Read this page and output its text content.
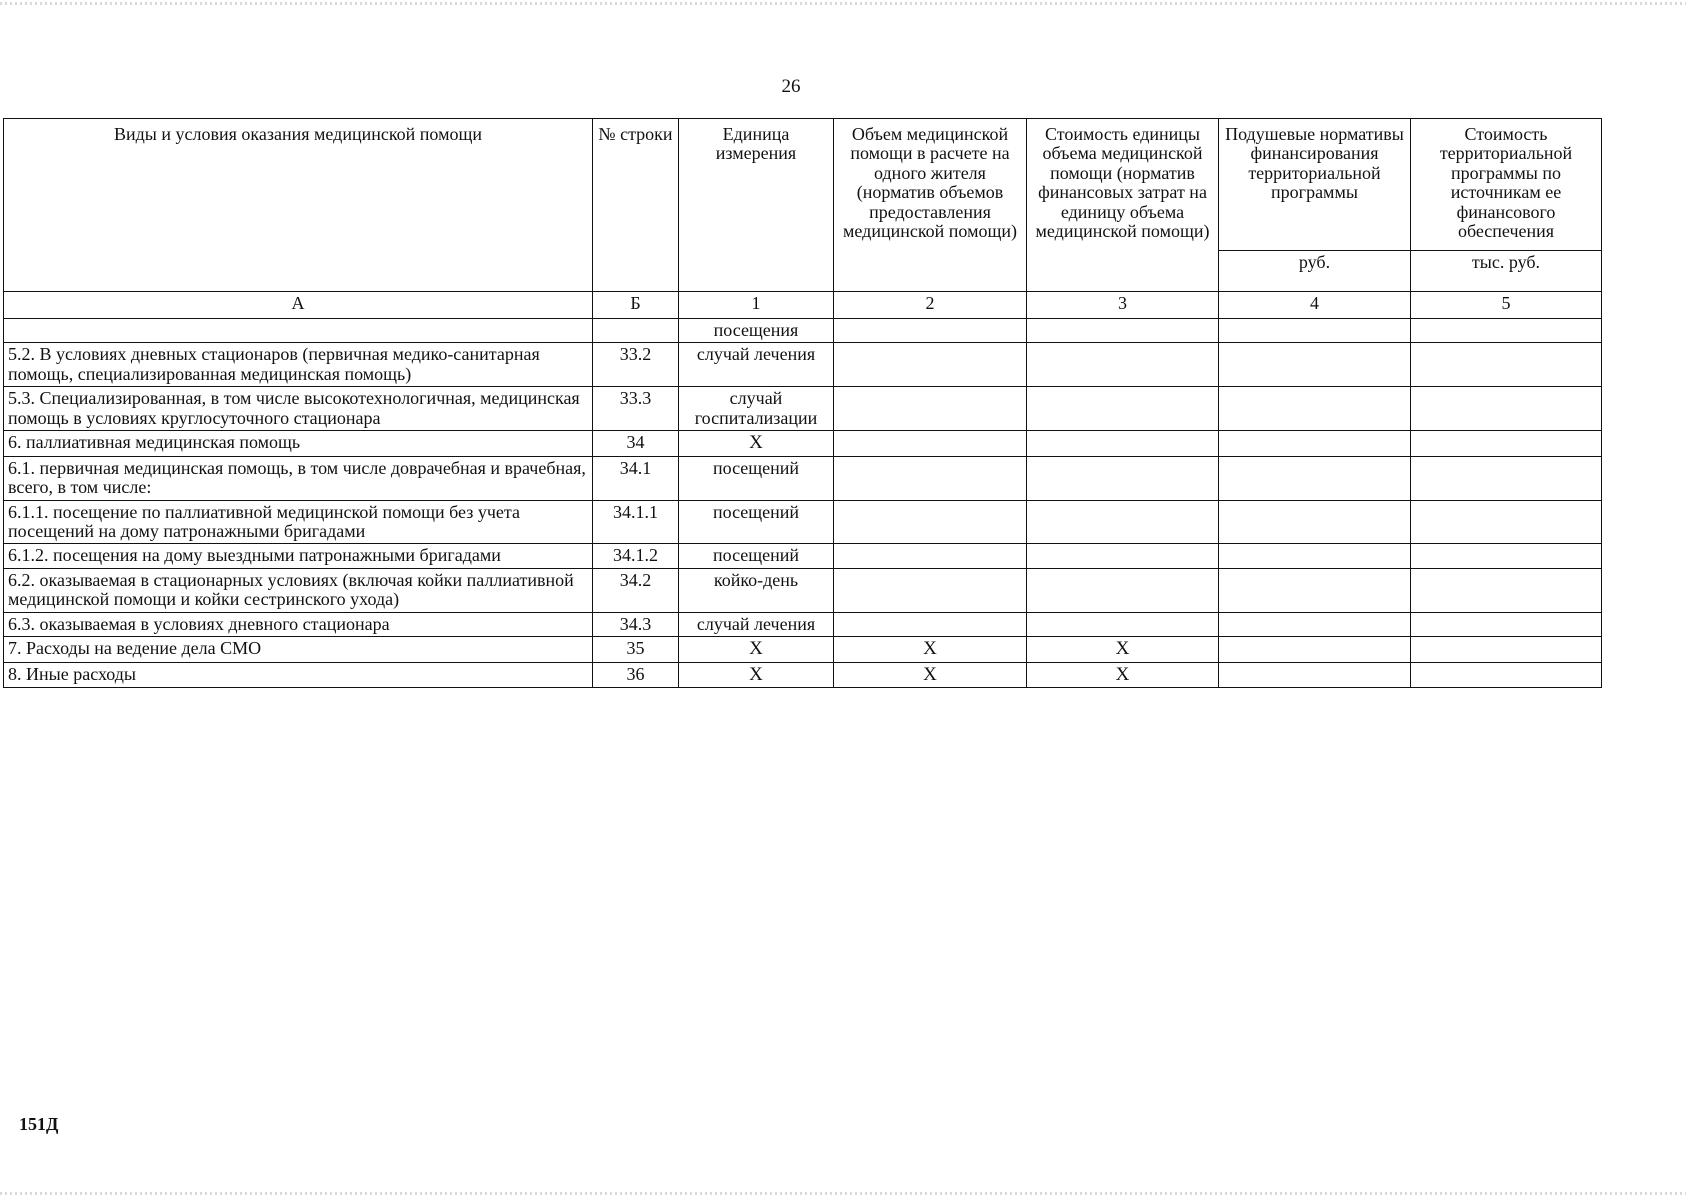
26
Виды и условия оказания медицинской помощи	№ строки	Единица измерения	Объем медицинской помощи в расчете на одного жителя (норматив объемов предоставления медицинской помощи)	Стоимость единицы объема медицинской помощи (норматив финансовых затрат на единицу объема медицинской помощи)	Подушевые нормативы финансирования территориальной программы	Стоимость территориальной программы по источникам ее финансового обеспечения
					руб.	тыс. руб.
А	Б	1	2	3	4	5
		посещения				
5.2. В условиях дневных стационаров (первичная медико-санитарная помощь, специализированная медицинская помощь)	33.2	случай лечения				
5.3. Специализированная, в том числе высокотехнологичная, медицинская помощь в условиях круглосуточного стационара	33.3	случай госпитализации				
6. паллиативная медицинская помощь	34	X				
6.1. первичная медицинская помощь, в том числе доврачебная и врачебная, всего, в том числе:	34.1	посещений				
6.1.1. посещение по паллиативной медицинской помощи без учета посещений на дому патронажными бригадами	34.1.1	посещений				
6.1.2. посещения на дому выездными патронажными бригадами	34.1.2	посещений				
6.2. оказываемая в стационарных условиях (включая койки паллиативной медицинской помощи и койки сестринского ухода)	34.2	койко-день				
6.3. оказываемая в условиях дневного стационара	34.3	случай лечения				
7. Расходы на ведение дела СМО	35	X	X	X		
8. Иные расходы	36	X	X	X		
151Д
